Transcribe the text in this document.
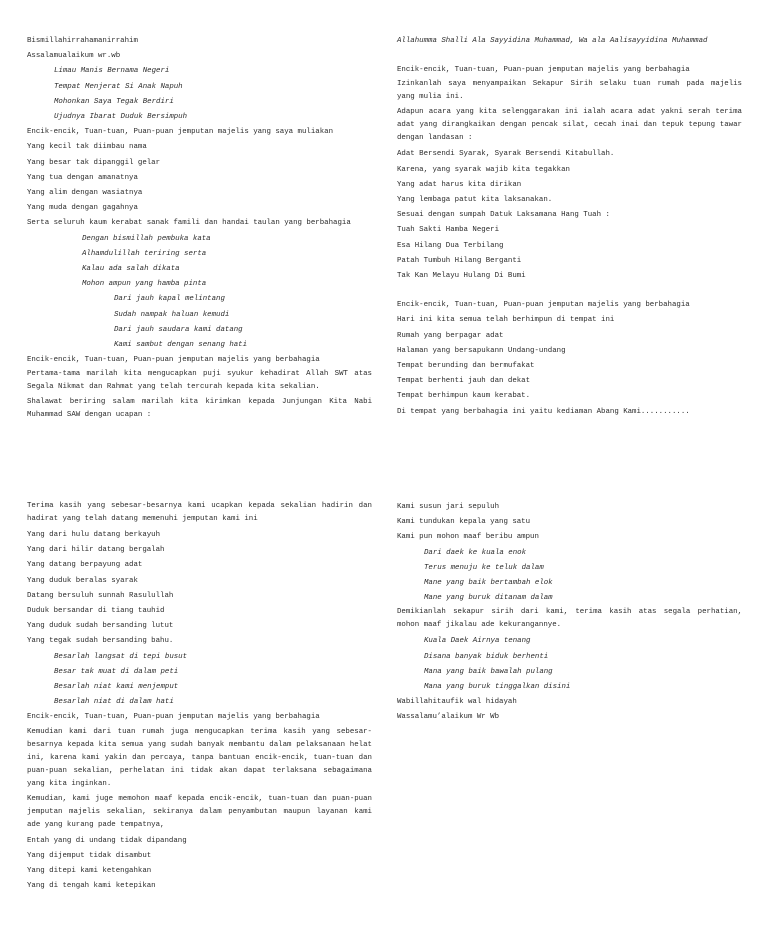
Bismillahirrahamanirrahim
Assalamualaikum wr.wb
Limau Manis Bernama Negeri
Tempat Menjerat Si Anak Napuh
Mohonkan Saya Tegak Berdiri
Ujudnya Ibarat Duduk Bersimpuh
Encik-encik, Tuan-tuan, Puan-puan jemputan majelis yang saya muliakan
Yang kecil tak diimbau nama
Yang besar tak dipanggil gelar
Yang tua dengan amanatnya
Yang alim dengan wasiatnya
Yang muda dengan gagahnya
Serta seluruh kaum kerabat sanak famili dan handai taulan yang berbahagia
Dengan bismillah pembuka kata
Alhamdulillah teriring serta
Kalau ada salah dikata
Mohon ampun yang hamba pinta
Dari jauh kapal melintang
Sudah nampak haluan kemudi
Dari jauh saudara kami datang
Kami sambut dengan senang hati
Encik-encik, Tuan-tuan, Puan-puan jemputan majelis yang berbahagia
Pertama-tama marilah kita mengucapkan puji syukur kehadirat Allah SWT atas Segala Nikmat dan Rahmat yang telah tercurah kepada kita sekalian.
Shalawat beriring salam marilah kita kirimkan kepada Junjungan Kita Nabi Muhammad SAW dengan ucapan :
Allahumma Shalli Ala Sayyidina Muhammad, Wa ala Aalisayyidina Muhammad
Encik-encik, Tuan-tuan, Puan-puan jemputan majelis yang berbahagia
Izinkanlah saya menyampaikan Sekapur Sirih selaku tuan rumah pada majelis yang mulia ini.
Adapun acara yang kita selenggarakan ini ialah acara adat yakni serah terima adat yang dirangkaikan dengan pencak silat, cecah inai dan tepuk tepung tawar dengan landasan :
Adat Bersendi Syarak, Syarak Bersendi Kitabullah.
Karena, yang syarak wajib kita tegakkan
Yang adat harus kita dirikan
Yang lembaga patut kita laksanakan.
Sesuai dengan sumpah Datuk Laksamana Hang Tuah :
Tuah Sakti Hamba Negeri
Esa Hilang Dua Terbilang
Patah Tumbuh Hilang Berganti
Tak Kan Melayu Hulang Di Bumi
Encik-encik, Tuan-tuan, Puan-puan jemputan majelis yang berbahagia
Hari ini kita semua telah berhimpun di tempat ini
Rumah yang berpagar adat
Halaman yang bersapukann Undang-undang
Tempat berunding dan bermufakat
Tempat berhenti jauh dan dekat
Tempat berhimpun kaum kerabat.
Di tempat yang berbahagia ini yaitu kediaman Abang Kami...........
Terima kasih yang sebesar-besarnya kami ucapkan kepada sekalian hadirin dan hadirat yang telah datang memenuhi jemputan kami ini
Yang dari hulu datang berkayuh
Yang dari hilir datang bergalah
Yang datang berpayung adat
Yang duduk beralas syarak
Datang bersuluh sunnah Rasulullah
Duduk bersandar di tiang tauhid
Yang duduk sudah bersanding lutut
Yang tegak sudah bersanding bahu.
Besarlah langsat di tepi busut
Besar tak muat di dalam peti
Besarlah niat kami menjemput
Besarlah niat di dalam hati
Encik-encik, Tuan-tuan, Puan-puan jemputan majelis yang berbahagia
Kemudian kami dari tuan rumah juga mengucapkan terima kasih yang sebesar-besarnya kepada kita semua yang sudah banyak membantu dalam pelaksanaan helat ini, karena kami yakin dan percaya, tanpa bantuan encik-encik, tuan-tuan dan puan-puan sekalian, perhelatan ini tidak akan dapat terlaksana sebagaimana yang kita inginkan.
Kemudian, kami juge memohon maaf kepada encik-encik, tuan-tuan dan puan-puan jemputan majelis sekalian, sekiranya dalam penyambutan maupun layanan kami ade yang kurang pade tempatnya,
Entah yang di undang tidak dipandang
Yang dijemput tidak disambut
Yang ditepi kami ketengahkan
Yang di tengah kami ketepikan
Kami susun jari sepuluh
Kami tundukan kepala yang satu
Kami pun mohon maaf beribu ampun
Dari daek ke kuala enok
Terus menuju ke teluk dalam
Mane yang baik bertambah elok
Mane yang buruk ditanam dalam
Demikianlah sekapur sirih dari kami, terima kasih atas segala perhatian, mohon maaf jikalau ade kekurangannye.
Kuala Daek Airnya tenang
Disana banyak biduk berhenti
Mana yang baik bawalah pulang
Mana yang buruk tinggalkan disini
Wabillahitaufik wal hidayah
Wassalamu’alaikum Wr Wb
